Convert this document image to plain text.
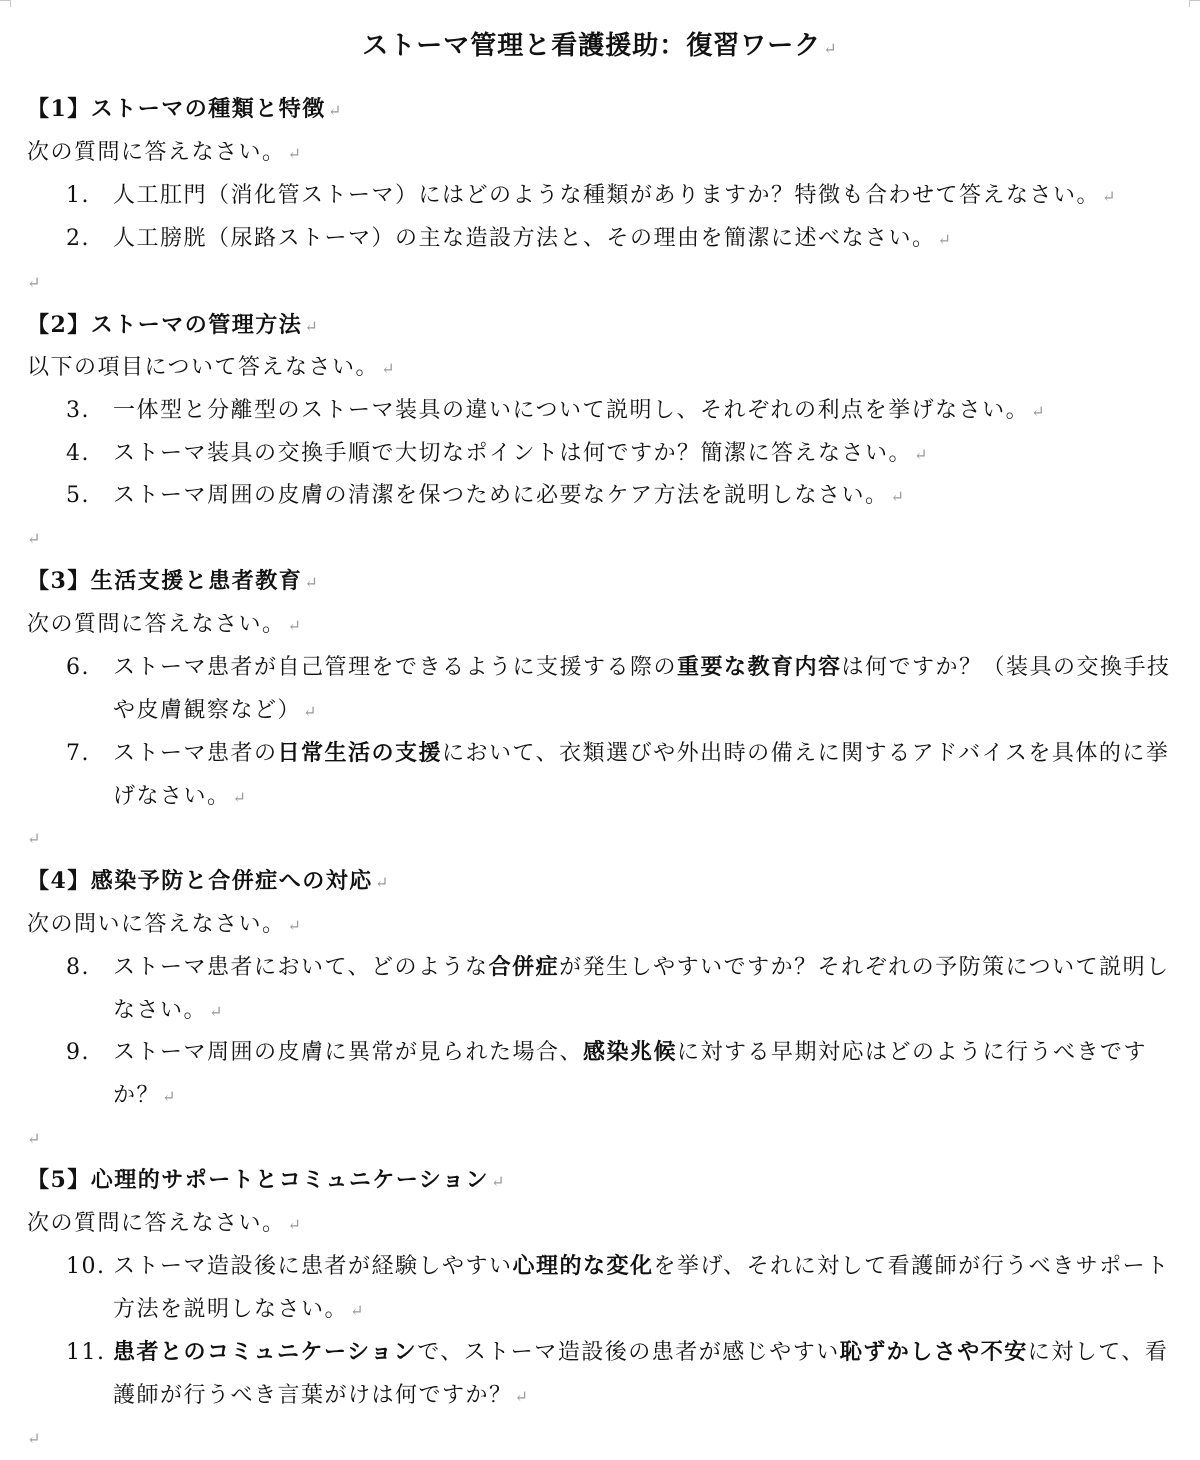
ストーマ管理と看護援助：復習ワーク ↵
【1】ストーマの種類と特徴 ↵
次の質問に答えなさい。 ↵
1.	人工肛門（消化管ストーマ）にはどのような種類がありますか？特徴も合わせて答えなさい。 ↵
2.	人工膀胱（尿路ストーマ）の主な造設方法と、その理由を簡潔に述べなさい。 ↵
↵
【2】ストーマの管理方法 ↵
以下の項目について答えなさい。 ↵
3.	一体型と分離型のストーマ装具の違いについて説明し、それぞれの利点を挙げなさい。 ↵
4.	ストーマ装具の交換手順で大切なポイントは何ですか？簡潔に答えなさい。 ↵
5.	ストーマ周囲の皮膚の清潔を保つために必要なケア方法を説明しなさい。 ↵
↵
【3】生活支援と患者教育 ↵
次の質問に答えなさい。 ↵
6.	ストーマ患者が自己管理をできるように支援する際の重要な教育内容は何ですか？（装具の交換手技や皮膚観察など） ↵
7.	ストーマ患者の日常生活の支援において、衣類選びや外出時の備えに関するアドバイスを具体的に挙げなさい。 ↵
↵
【4】感染予防と合併症への対応 ↵
次の問いに答えなさい。 ↵
8.	ストーマ患者において、どのような合併症が発生しやすいですか？それぞれの予防策について説明しなさい。 ↵
9.	ストーマ周囲の皮膚に異常が見られた場合、感染兆候に対する早期対応はどのように行うべきですか？ ↵
↵
【5】心理的サポートとコミュニケーション ↵
次の質問に答えなさい。 ↵
10. ストーマ造設後に患者が経験しやすい心理的な変化を挙げ、それに対して看護師が行うべきサポート方法を説明しなさい。 ↵
11. 患者とのコミュニケーションで、ストーマ造設後の患者が感じやすい恥ずかしさや不安に対して、看護師が行うべき言葉がけは何ですか？ ↵
↵
